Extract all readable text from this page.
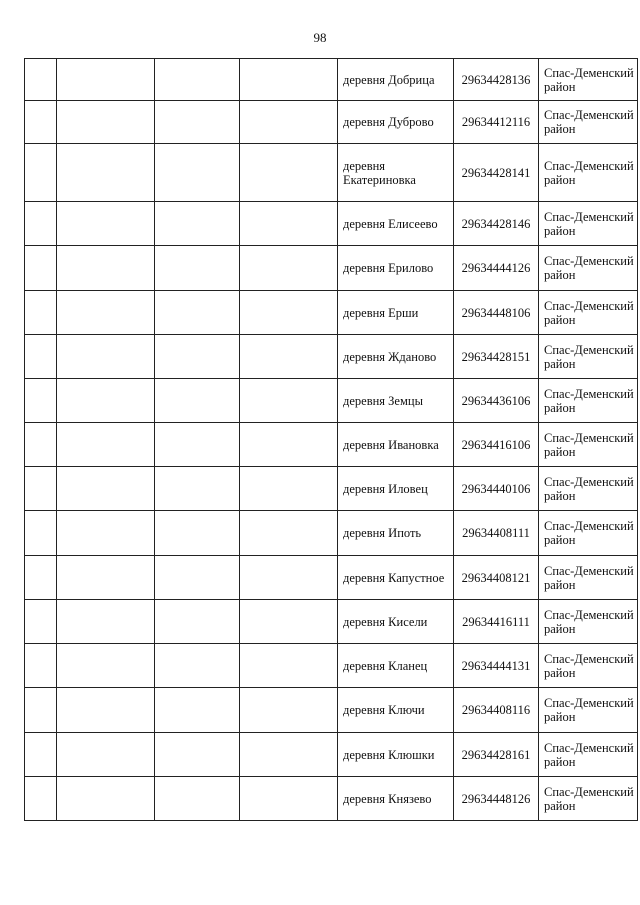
98

				деревня Добрица	29634428136	Спас-Деменский район

				деревня Дуброво	29634412116	Спас-Деменский район

				деревня Екатериновка	29634428141	Спас-Деменский район

				деревня Елисеево	29634428146	Спас-Деменский район

				деревня Ерилово	29634444126	Спас-Деменский район

				деревня Ерши	29634448106	Спас-Деменский район

				деревня Жданово	29634428151	Спас-Деменский район

				деревня Земцы	29634436106	Спас-Деменский район

				деревня Ивановка	29634416106	Спас-Деменский район

				деревня Иловец	29634440106	Спас-Деменский район

				деревня Ипоть	29634408111	Спас-Деменский район

				деревня Капустное	29634408121	Спас-Деменский район

				деревня Кисели	29634416111	Спас-Деменский район

				деревня Кланец	29634444131	Спас-Деменский район

				деревня Ключи	29634408116	Спас-Деменский район

				деревня Клюшки	29634428161	Спас-Деменский район

				деревня Князево	29634448126	Спас-Деменский район
